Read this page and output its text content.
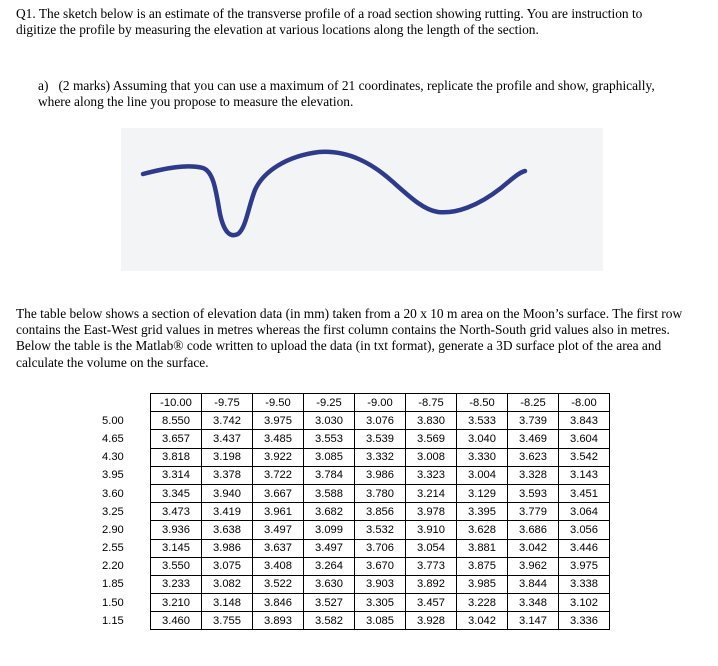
Q1. The sketch below is an estimate of the transverse profile of a road section showing rutting. You are instruction to digitize the profile by measuring the elevation at various locations along the length of the section.
a) (2 marks) Assuming that you can use a maximum of 21 coordinates, replicate the profile and show, graphically, where along the line you propose to measure the elevation.
The table below shows a section of elevation data (in mm) taken from a 20 x 10 m area on the Moon’s surface. The first row contains the East-West grid values in metres whereas the first column contains the North-South grid values also in metres. Below the table is the Matlab® code written to upload the data (in txt format), generate a 3D surface plot of the area and calculate the volume on the surface.
	-10.00	-9.75	-9.50	-9.25	-9.00	-8.75	-8.50	-8.25	-8.00
5.00	8.550	3.742	3.975	3.030	3.076	3.830	3.533	3.739	3.843
4.65	3.657	3.437	3.485	3.553	3.539	3.569	3.040	3.469	3.604
4.30	3.818	3.198	3.922	3.085	3.332	3.008	3.330	3.623	3.542
3.95	3.314	3.378	3.722	3.784	3.986	3.323	3.004	3.328	3.143
3.60	3.345	3.940	3.667	3.588	3.780	3.214	3.129	3.593	3.451
3.25	3.473	3.419	3.961	3.682	3.856	3.978	3.395	3.779	3.064
2.90	3.936	3.638	3.497	3.099	3.532	3.910	3.628	3.686	3.056
2.55	3.145	3.986	3.637	3.497	3.706	3.054	3.881	3.042	3.446
2.20	3.550	3.075	3.408	3.264	3.670	3.773	3.875	3.962	3.975
1.85	3.233	3.082	3.522	3.630	3.903	3.892	3.985	3.844	3.338
1.50	3.210	3.148	3.846	3.527	3.305	3.457	3.228	3.348	3.102
1.15	3.460	3.755	3.893	3.582	3.085	3.928	3.042	3.147	3.336
